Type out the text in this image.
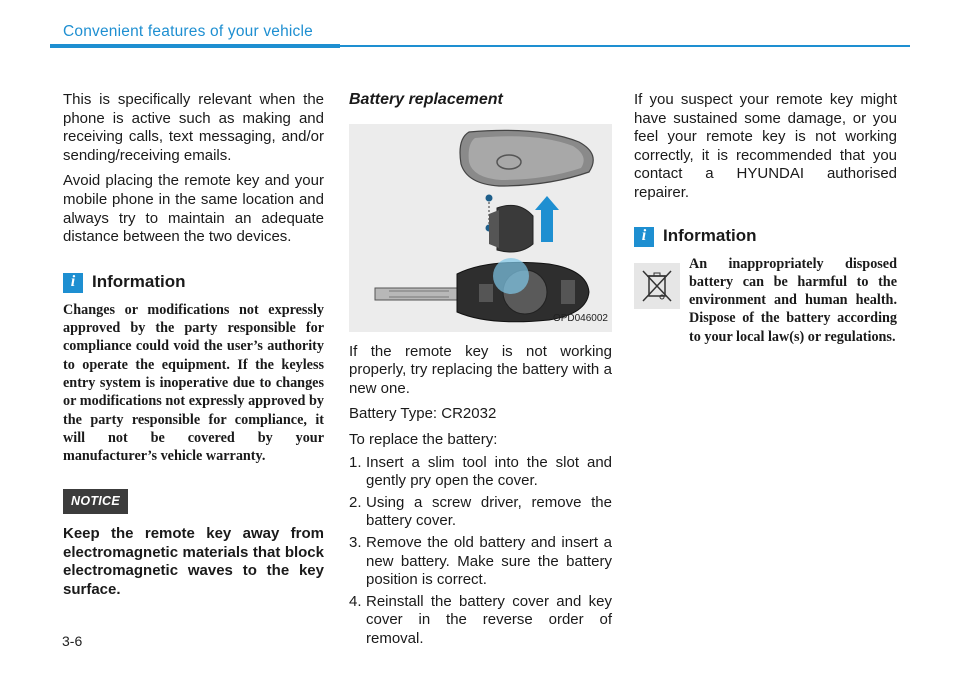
Convenient features of your vehicle

This is specifically relevant when the phone is active such as making and receiving calls, text messaging, and/or sending/receiving emails.

Avoid placing the remote key and your mobile phone in the same location and always try to maintain an adequate distance between the two devices.

i Information

Changes or modifications not expressly approved by the party responsible for compliance could void the user’s authority to operate the equipment. If the keyless entry system is inoperative due to changes or modifications not expressly approved by the party responsible for compliance, it will not be covered by your manufacturer’s vehicle warranty.

NOTICE

Keep the remote key away from electromagnetic materials that block electromagnetic waves to the key surface.

Battery replacement

OPD046002

If the remote key is not working properly, try replacing the battery with a new one.

Battery Type: CR2032

To replace the battery:

1. Insert a slim tool into the slot and gently pry open the cover.
2. Using a screw driver, remove the battery cover.
3. Remove the old battery and insert a new battery. Make sure the battery position is correct.
4. Reinstall the battery cover and key cover in the reverse order of removal.

If you suspect your remote key might have sustained some damage, or you feel your remote key is not working correctly, it is recommended that you contact a HYUNDAI authorised repairer.

i Information

An inappropriately disposed battery can be harmful to the environment and human health. Dispose of the battery according to your local law(s) or regulations.

3-6
